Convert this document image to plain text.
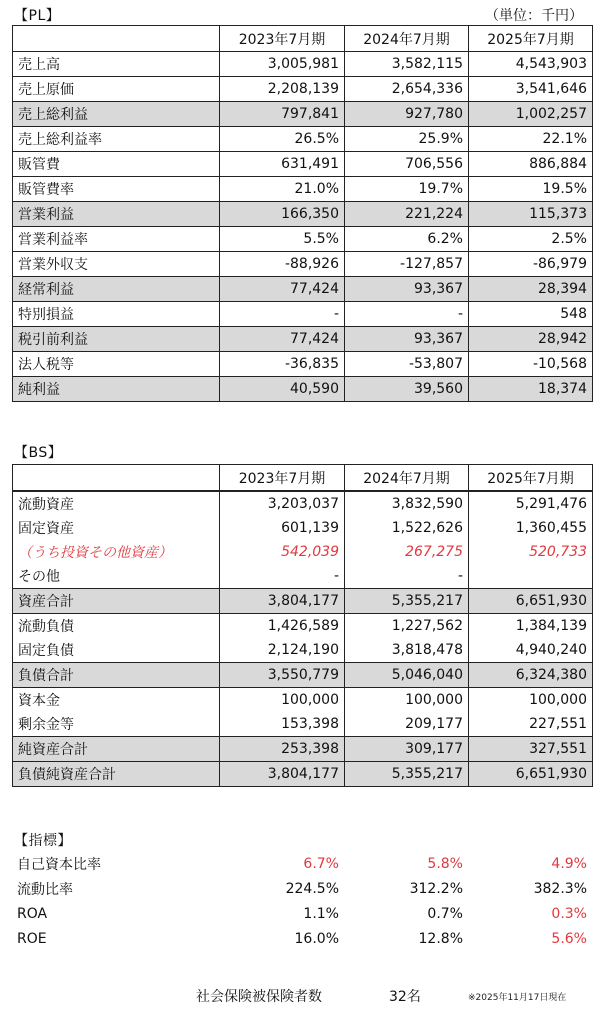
【PL】	（単位：千円）
	2023年7月期	2024年7月期	2025年7月期
売上高	3,005,981	3,582,115	4,543,903
売上原価	2,208,139	2,654,336	3,541,646
売上総利益	797,841	927,780	1,002,257
売上総利益率	26.5%	25.9%	22.1%
販管費	631,491	706,556	886,884
販管費率	21.0%	19.7%	19.5%
営業利益	166,350	221,224	115,373
営業利益率	5.5%	6.2%	2.5%
営業外収支	-88,926	-127,857	-86,979
経常利益	77,424	93,367	28,394
特別損益	-	-	548
税引前利益	77,424	93,367	28,942
法人税等	-36,835	-53,807	-10,568
純利益	40,590	39,560	18,374
【BS】
	2023年7月期	2024年7月期	2025年7月期
流動資産	3,203,037	3,832,590	5,291,476
固定資産	601,139	1,522,626	1,360,455
（うち投資その他資産）	542,039	267,275	520,733
その他	-	-	
資産合計	3,804,177	5,355,217	6,651,930
流動負債	1,426,589	1,227,562	1,384,139
固定負債	2,124,190	3,818,478	4,940,240
負債合計	3,550,779	5,046,040	6,324,380
資本金	100,000	100,000	100,000
剰余金等	153,398	209,177	227,551
純資産合計	253,398	309,177	327,551
負債純資産合計	3,804,177	5,355,217	6,651,930
【指標】
自己資本比率	6.7%	5.8%	4.9%
流動比率	224.5%	312.2%	382.3%
ROA	1.1%	0.7%	0.3%
ROE	16.0%	12.8%	5.6%
社会保険被保険者数	32名	※2025年11月17日現在
